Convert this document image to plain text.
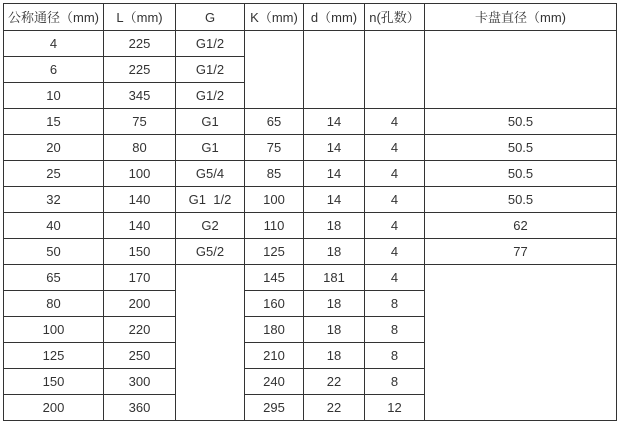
公称通径（mm)	L（mm)	G	K（mm)	d（mm)	n(孔数）	卡盘直径（mm)
4	225	G1/2				
6	225	G1/2				
10	345	G1/2				
15	75	G1	65	14	4	50.5
20	80	G1	75	14	4	50.5
25	100	G5/4	85	14	4	50.5
32	140	G1  1/2	100	14	4	50.5
40	140	G2	110	18	4	62
50	150	G5/2	125	18	4	77
65	170		145	181	4	
80	200		160	18	8	
100	220		180	18	8	
125	250		210	18	8	
150	300		240	22	8	
200	360		295	22	12	
